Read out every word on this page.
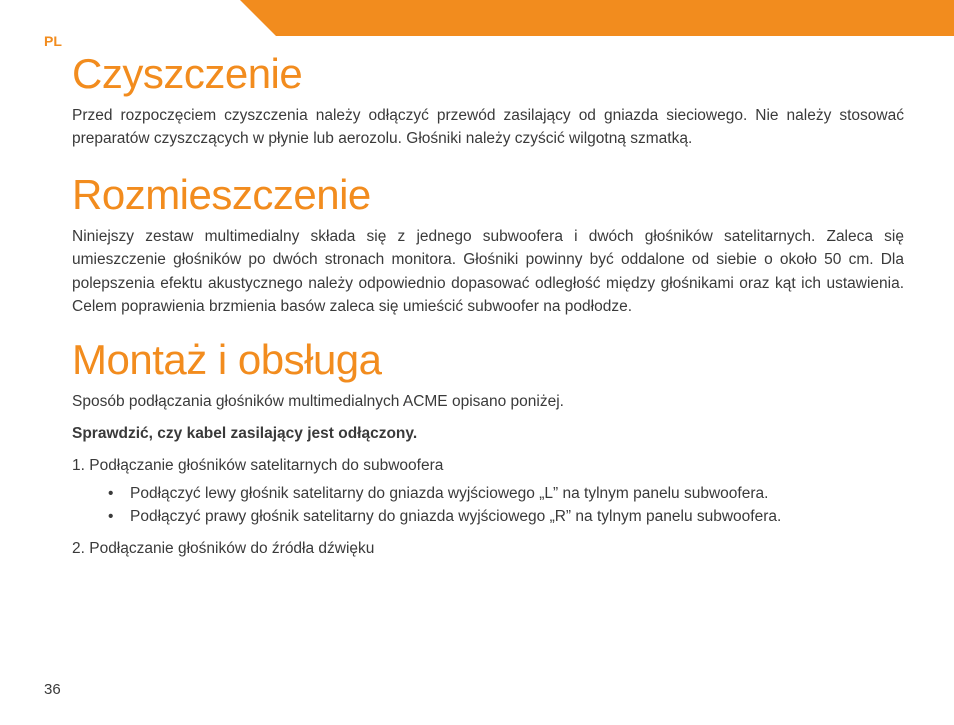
PL
Czyszczenie

Przed rozpoczęciem czyszczenia należy odłączyć przewód zasilający od gniazda sieciowego. Nie należy stosować preparatów czyszczących w płynie lub aerozolu. Głośniki należy czyścić wilgotną szmatką.

Rozmieszczenie

Niniejszy zestaw multimedialny składa się z jednego subwoofera i dwóch głośników satelitarnych. Zaleca się umieszczenie głośników po dwóch stronach monitora. Głośniki powinny być oddalone od siebie o około 50 cm. Dla polepszenia efektu akustycznego należy odpowiednio dopasować odległość między głośnikami oraz kąt ich ustawienia. Celem poprawienia brzmienia basów zaleca się umieścić subwoofer na podłodze.

Montaż i obsługa
Sposób podłączania głośników multimedialnych ACME opisano poniżej.
Sprawdzić, czy kabel zasilający jest odłączony.
1. Podłączanie głośników satelitarnych do subwoofera
• Podłączyć lewy głośnik satelitarny do gniazda wyjściowego „L” na tylnym panelu subwoofera.
• Podłączyć prawy głośnik satelitarny do gniazda wyjściowego „R” na tylnym panelu subwoofera.
2. Podłączanie głośników do źródła dźwięku
36
